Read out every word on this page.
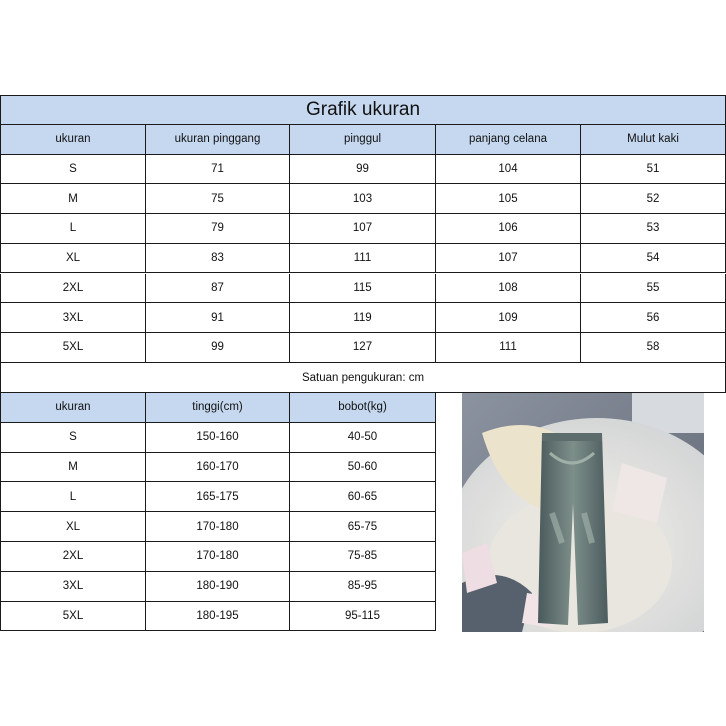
Grafik ukuran
Satuan pengukuran: cm
ukuran	ukuran pinggang	pinggul	panjang celana	Mulut kaki
S	71	99	104	51
M	75	103	105	52
L	79	107	106	53
XL	83	111	107	54
2XL	87	115	108	55
3XL	91	119	109	56
5XL	99	127	111	58
ukuran	tinggi(cm)	bobot(kg)
S	150-160	40-50
M	160-170	50-60
L	165-175	60-65
XL	170-180	65-75
2XL	170-180	75-85
3XL	180-190	85-95
5XL	180-195	95-115
